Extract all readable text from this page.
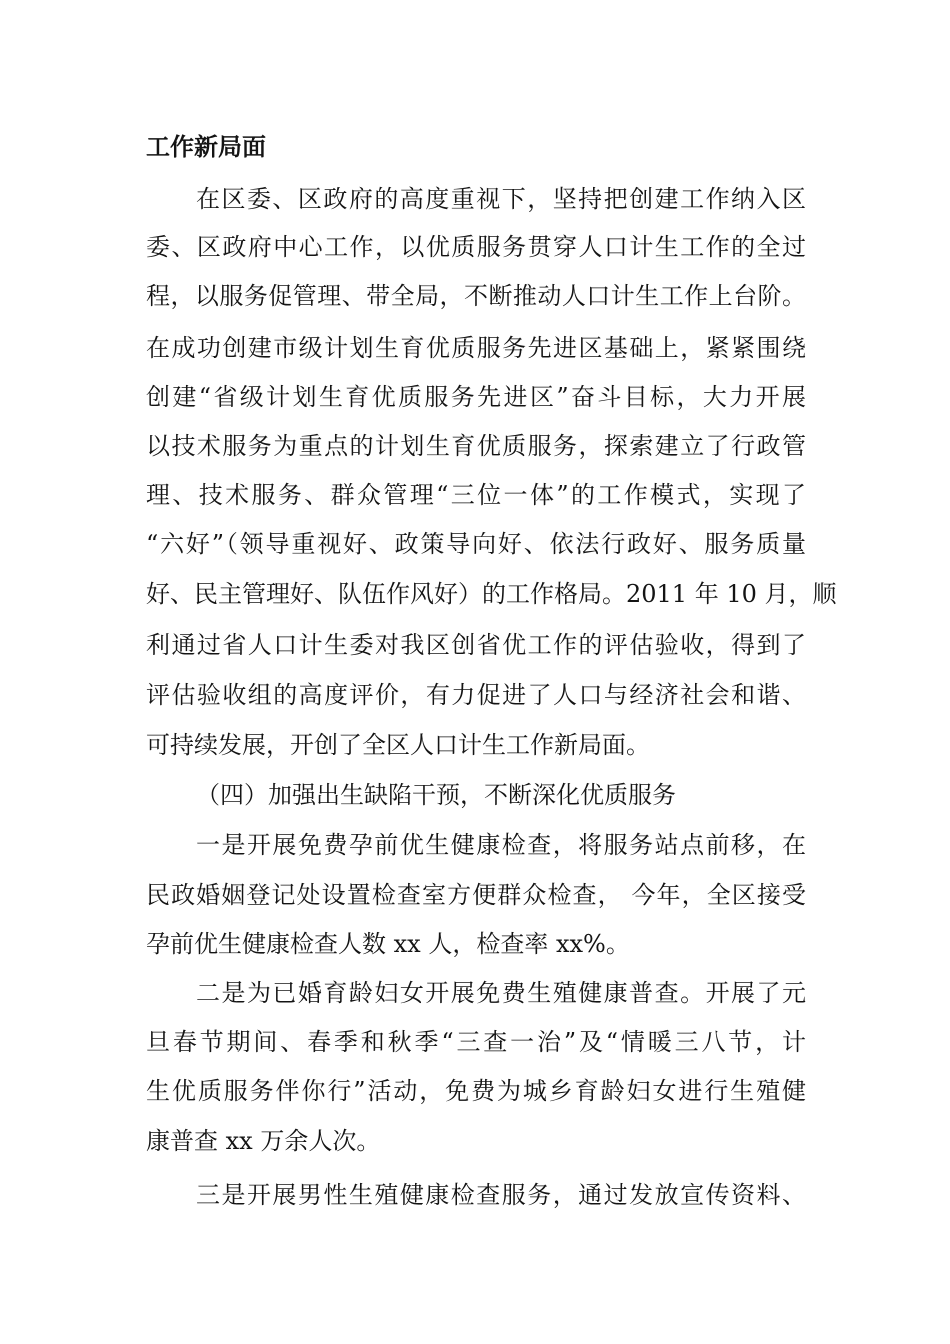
工作新局面
在区委、区政府的高度重视下，坚持把创建工作纳入区
委、区政府中心工作，以优质服务贯穿人口计生工作的全过
程，以服务促管理、带全局，不断推动人口计生工作上台阶。
在成功创建市级计划生育优质服务先进区基础上，紧紧围绕
创建“省级计划生育优质服务先进区”奋斗目标，大力开展
以技术服务为重点的计划生育优质服务，探索建立了行政管
理、技术服务、群众管理“三位一体”的工作模式，实现了
“六好”（领导重视好、政策导向好、依法行政好、服务质量
好、民主管理好、队伍作风好）的工作格局。2011 年 10 月，顺
利通过省人口计生委对我区创省优工作的评估验收，得到了
评估验收组的高度评价，有力促进了人口与经济社会和谐、
可持续发展，开创了全区人口计生工作新局面。
（四）加强出生缺陷干预，不断深化优质服务
一是开展免费孕前优生健康检查，将服务站点前移，在
民政婚姻登记处设置检查室方便群众检查， 今年，全区接受
孕前优生健康检查人数 xx 人，检查率 xx%。
二是为已婚育龄妇女开展免费生殖健康普查。开展了元
旦春节期间、春季和秋季“三查一治”及“情暖三八节，计
生优质服务伴你行”活动，免费为城乡育龄妇女进行生殖健
康普查 xx 万余人次。
三是开展男性生殖健康检查服务，通过发放宣传资料、
